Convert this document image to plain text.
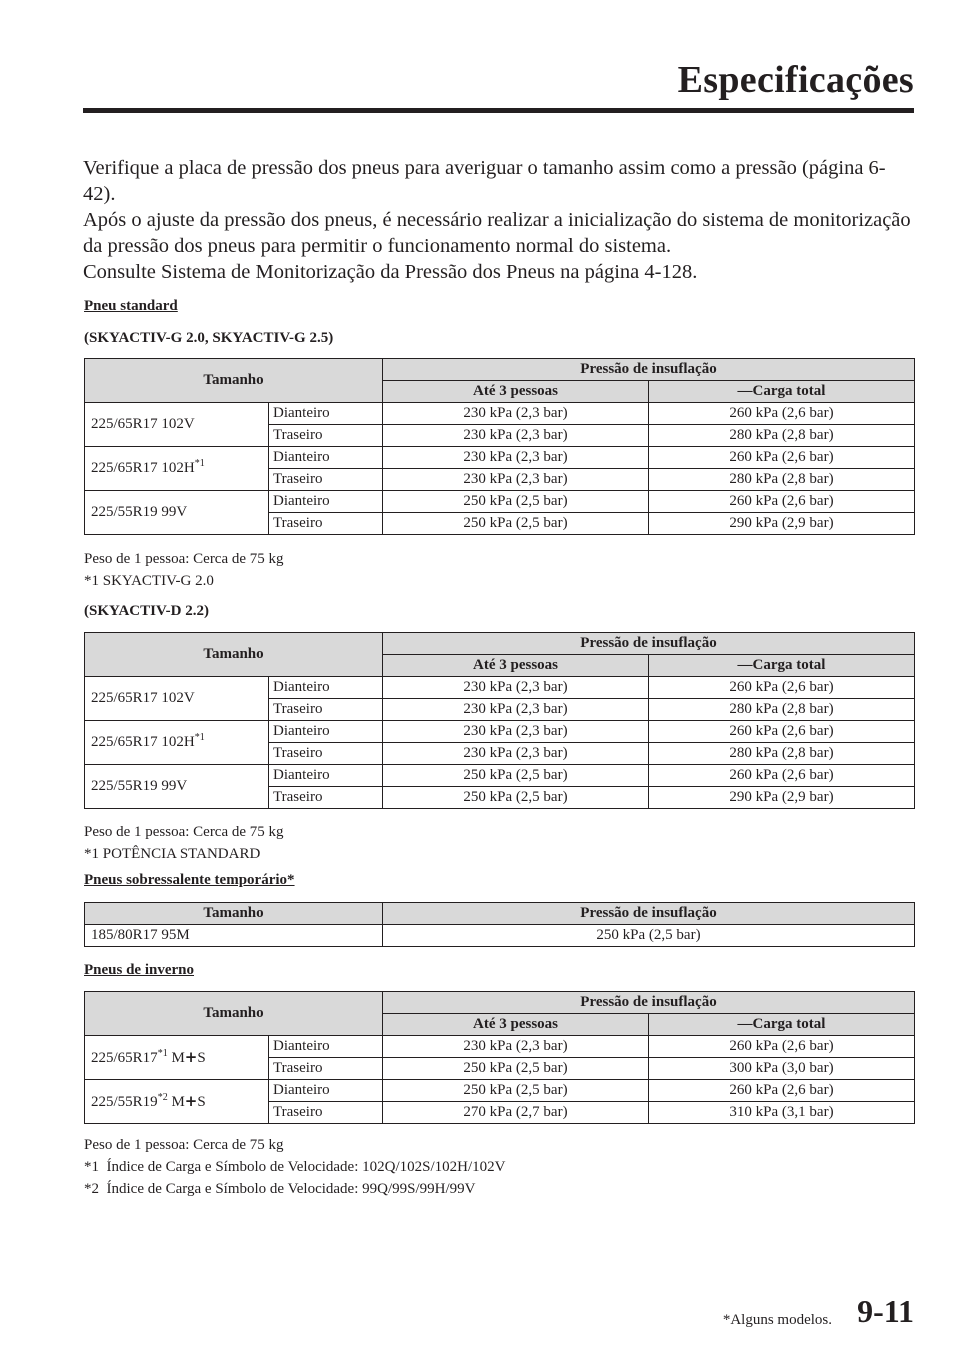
Especificações

Verifique a placa de pressão dos pneus para averiguar o tamanho assim como a pressão (página 6-42).

Após o ajuste da pressão dos pneus, é necessário realizar a inicialização do sistema de monitorização da pressão dos pneus para permitir o funcionamento normal do sistema.

Consulte Sistema de Monitorização da Pressão dos Pneus na página 4-128.

Pneu standard
(SKYACTIV-G 2.0, SKYACTIV-G 2.5)
Tamanho		Pressão de insuflação	
		Até 3 pessoas	—Carga total
225/65R17 102V	Dianteiro	230 kPa (2,3 bar)	260 kPa (2,6 bar)
	Traseiro	230 kPa (2,3 bar)	280 kPa (2,8 bar)
225/65R17 $102H^{*1}$	Dianteiro	230 kPa (2,3 bar)	260 kPa (2,6 bar)
	Traseiro	230 kPa (2,3 bar)	280 kPa (2,8 bar)
225/55R19 99V	Dianteiro	250 kPa (2,5 bar)	260 kPa (2,6 bar)
	Traseiro	250 kPa (2,5 bar)	290 kPa (2,9 bar)
Peso de 1 pessoa: Cerca de 75 kg
*1 SKYACTIV-G 2.0
(SKYACTIV-D 2.2)
Tamanho		Pressão de insuflação	
		Até 3 pessoas	—Carga total
225/65R17 102V	Dianteiro	230 kPa (2,3 bar)	260 kPa (2,6 bar)
	Traseiro	230 kPa (2,3 bar)	280 kPa (2,8 bar)
225/65R17 $102H^{*1}$	Dianteiro	230 kPa (2,3 bar)	260 kPa (2,6 bar)
	Traseiro	230 kPa (2,3 bar)	280 kPa (2,8 bar)
225/55R19 99V	Dianteiro	250 kPa (2,5 bar)	260 kPa (2,6 bar)
	Traseiro	250 kPa (2,5 bar)	290 kPa (2,9 bar)
Peso de 1 pessoa: Cerca de 75 kg
*1 POTÊNCIA STANDARD
Pneus sobressalente temporário*
Tamanho	Pressão de insuflação
185/80R17 95M	250 kPa (2,5 bar)
Pneus de inverno
Tamanho		Pressão de insuflação	
		Até 3 pessoas	—Carga total
225/65R17$^{*1}$ M+S	Dianteiro	230 kPa (2,3 bar)	260 kPa (2,6 bar)
	Traseiro	250 kPa (2,5 bar)	300 kPa (3,0 bar)
225/55R19$^{*2}$ M+S	Dianteiro	250 kPa (2,5 bar)	260 kPa (2,6 bar)
	Traseiro	270 kPa (2,7 bar)	310 kPa (3,1 bar)
Peso de 1 pessoa: Cerca de 75 kg
*1  Índice de Carga e Símbolo de Velocidade: 102Q/102S/102H/102V
*2  Índice de Carga e Símbolo de Velocidade: 99Q/99S/99H/99V
*Alguns modelos. 9-11
